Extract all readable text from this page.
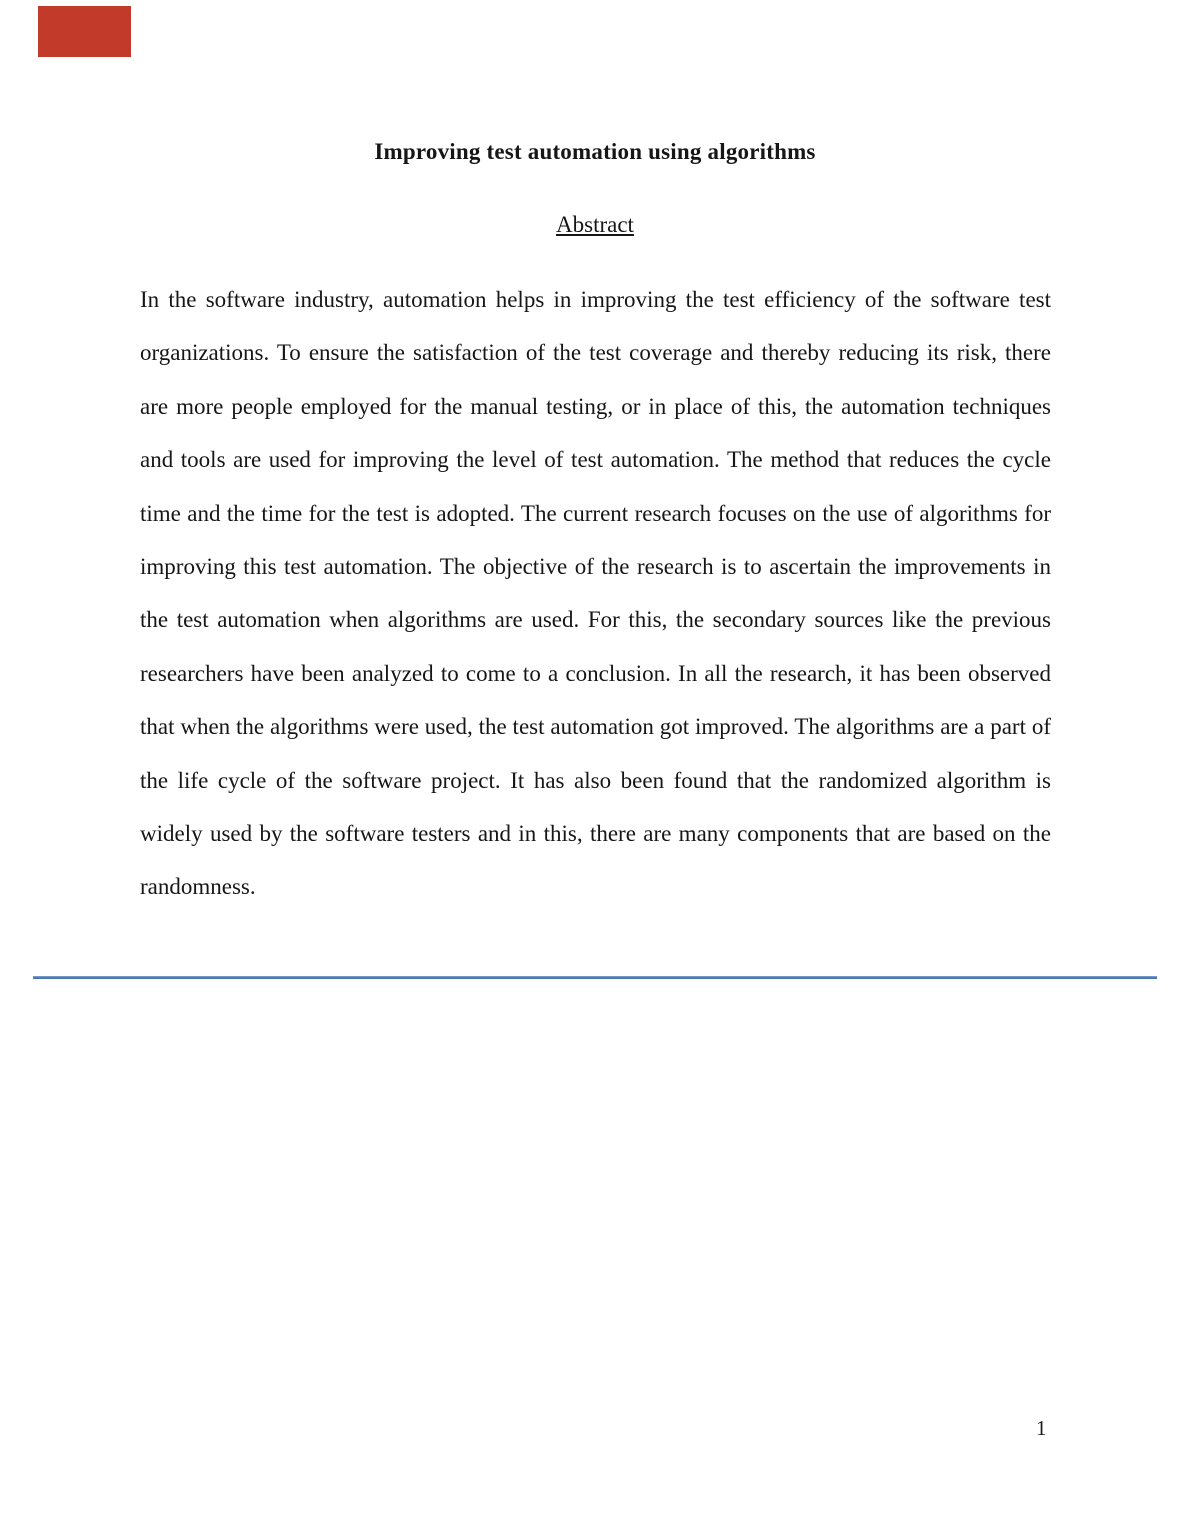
Improving test automation using algorithms
Abstract

In the software industry, automation helps in improving the test efficiency of the software test organizations. To ensure the satisfaction of the test coverage and thereby reducing its risk, there are more people employed for the manual testing, or in place of this, the automation techniques and tools are used for improving the level of test automation. The method that reduces the cycle time and the time for the test is adopted. The current research focuses on the use of algorithms for improving this test automation. The objective of the research is to ascertain the improvements in the test automation when algorithms are used. For this, the secondary sources like the previous researchers have been analyzed to come to a conclusion. In all the research, it has been observed that when the algorithms were used, the test automation got improved. The algorithms are a part of the life cycle of the software project. It has also been found that the randomized algorithm is widely used by the software testers and in this, there are many components that are based on the randomness.

1
